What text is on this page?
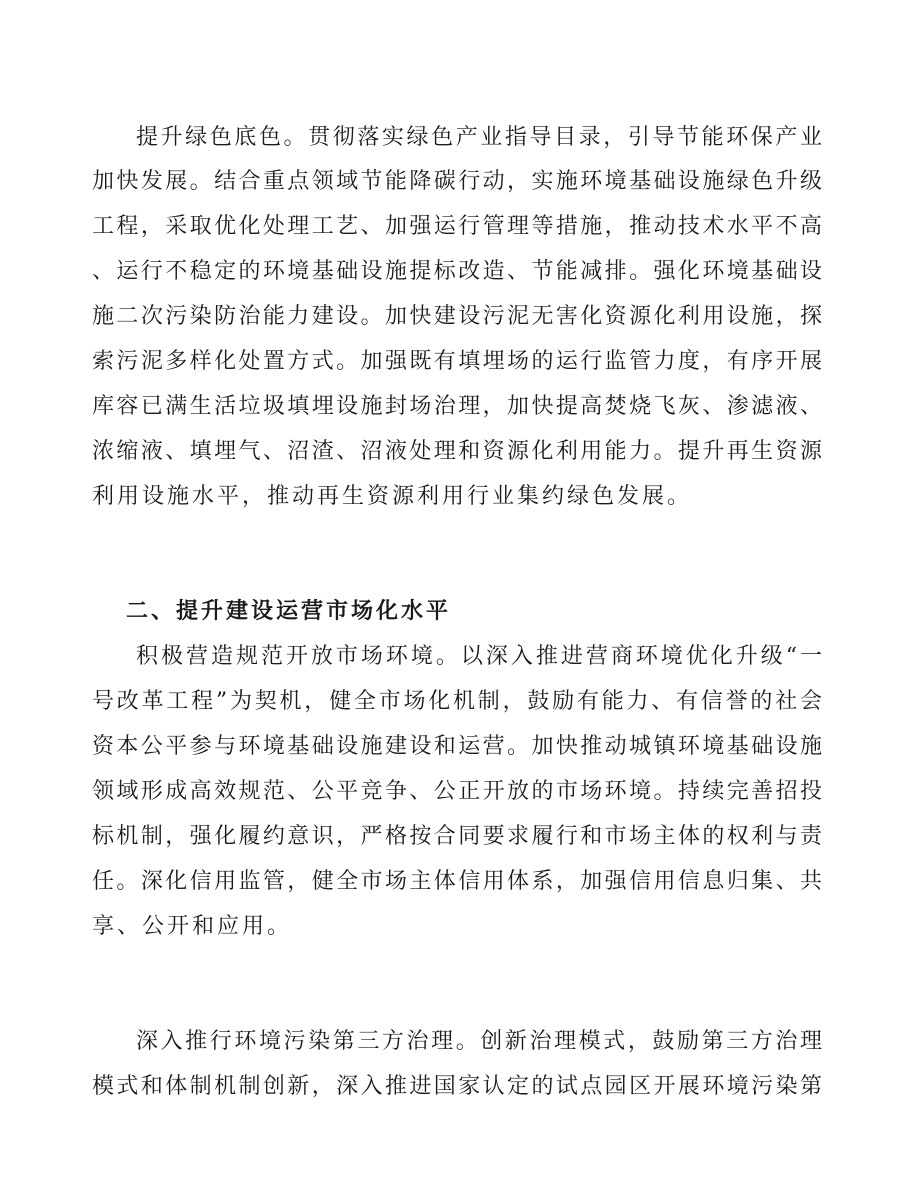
提升绿色底色。贯彻落实绿色产业指导目录，引导节能环保产业
加快发展。结合重点领域节能降碳行动，实施环境基础设施绿色升级
工程，采取优化处理工艺、加强运行管理等措施，推动技术水平不高
、运行不稳定的环境基础设施提标改造、节能减排。强化环境基础设
施二次污染防治能力建设。加快建设污泥无害化资源化利用设施，探
索污泥多样化处置方式。加强既有填埋场的运行监管力度，有序开展
库容已满生活垃圾填埋设施封场治理，加快提高焚烧飞灰、渗滤液、
浓缩液、填埋气、沼渣、沼液处理和资源化利用能力。提升再生资源
利用设施水平，推动再生资源利用行业集约绿色发展。
二、提升建设运营市场化水平
积极营造规范开放市场环境。以深入推进营商环境优化升级“一
号改革工程”为契机，健全市场化机制，鼓励有能力、有信誉的社会
资本公平参与环境基础设施建设和运营。加快推动城镇环境基础设施
领域形成高效规范、公平竞争、公正开放的市场环境。持续完善招投
标机制，强化履约意识，严格按合同要求履行和市场主体的权利与责
任。深化信用监管，健全市场主体信用体系，加强信用信息归集、共
享、公开和应用。
深入推行环境污染第三方治理。创新治理模式，鼓励第三方治理
模式和体制机制创新，深入推进国家认定的试点园区开展环境污染第
